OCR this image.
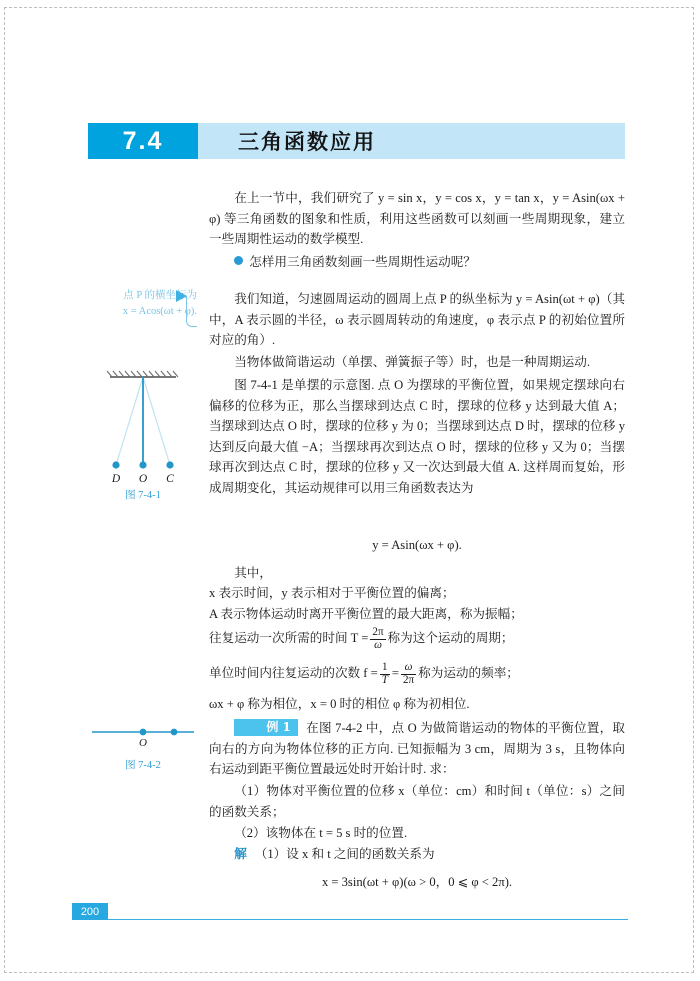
7.4	三角函数应用
点 P 的横坐标为
x = Acos(ωt + φ).
D O C
图 7-4-1
O
图 7-4-2

在上一节中，我们研究了 y = sin x，y = cos x，y = tan x，y = Asin(ωx + φ) 等三角函数的图象和性质，利用这些函数可以刻画一些周期现象，建立一些周期性运动的数学模型.

怎样用三角函数刻画一些周期性运动呢？

我们知道，匀速圆周运动的圆周上点 P 的纵坐标为 y = Asin(ωt + φ)（其中，A 表示圆的半径，ω 表示圆周转动的角速度，φ 表示点 P 的初始位置所对应的角）.

当物体做简谐运动（单摆、弹簧振子等）时，也是一种周期运动.

图 7-4-1 是单摆的示意图. 点 O 为摆球的平衡位置，如果规定摆球向右偏移的位移为正，那么当摆球到达点 C 时，摆球的位移 y 达到最大值 A；当摆球到达点 O 时，摆球的位移 y 为 0；当摆球到达点 D 时，摆球的位移 y 达到反向最大值 −A；当摆球再次到达点 O 时，摆球的位移 y 又为 0；当摆球再次到达点 C 时，摆球的位移 y 又一次达到最大值 A. 这样周而复始，形成周期变化，其运动规律可以用三角函数表达为

y = Asin(ωx + φ).

其中，

x 表示时间，y 表示相对于平衡位置的偏离；

A 表示物体运动时离开平衡位置的最大距离，称为振幅；

往复运动一次所需的时间 $T = \frac{2\pi}{\omega}$ 称为这个运动的周期；

单位时间内往复运动的次数 $f = \frac{1}{T} = \frac{\omega}{2\pi}$ 称为运动的频率；

ωx + φ 称为相位，x = 0 时的相位 φ 称为初相位.

例 1 在图 7-4-2 中，点 O 为做简谐运动的物体的平衡位置，取向右的方向为物体位移的正方向. 已知振幅为 3 cm，周期为 3 s，且物体向右运动到距平衡位置最远处时开始计时. 求：

（1）物体对平衡位置的位移 x（单位：cm）和时间 t（单位：s）之间的函数关系；

（2）该物体在 t = 5 s 时的位置.

解 （1）设 x 和 t 之间的函数关系为

x = 3sin(ωt + φ)(ω > 0，0 ⩽ φ < 2π).

200
